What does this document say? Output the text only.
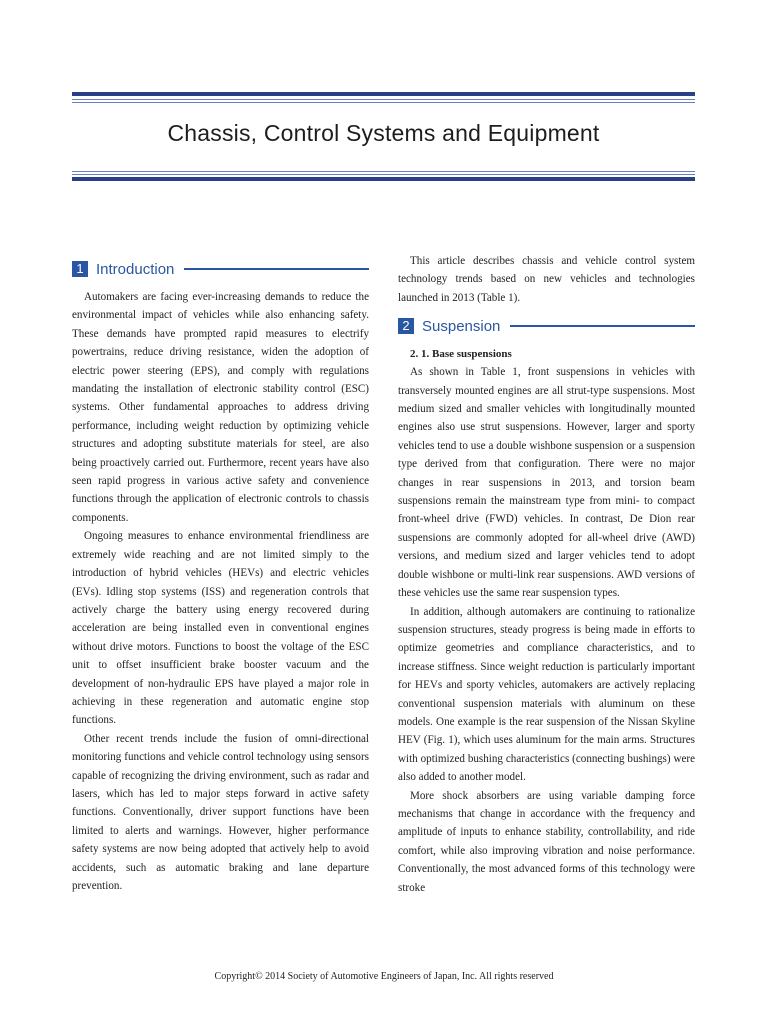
Chassis, Control Systems and Equipment
1 Introduction

Automakers are facing ever-increasing demands to reduce the environmental impact of vehicles while also enhancing safety. These demands have prompted rapid measures to electrify powertrains, reduce driving resistance, widen the adoption of electric power steering (EPS), and comply with regulations mandating the installation of electronic stability control (ESC) systems. Other fundamental approaches to address driving performance, including weight reduction by optimizing vehicle structures and adopting substitute materials for steel, are also being proactively carried out. Furthermore, recent years have also seen rapid progress in various active safety and convenience functions through the application of electronic controls to chassis components.

Ongoing measures to enhance environmental friendliness are extremely wide reaching and are not limited simply to the introduction of hybrid vehicles (HEVs) and electric vehicles (EVs). Idling stop systems (ISS) and regeneration controls that actively charge the battery using energy recovered during acceleration are being installed even in conventional engines without drive motors. Functions to boost the voltage of the ESC unit to offset insufficient brake booster vacuum and the development of non-hydraulic EPS have played a major role in achieving in these regeneration and automatic engine stop functions.

Other recent trends include the fusion of omni-directional monitoring functions and vehicle control technology using sensors capable of recognizing the driving environment, such as radar and lasers, which has led to major steps forward in active safety functions. Conventionally, driver support functions have been limited to alerts and warnings. However, higher performance safety systems are now being adopted that actively help to avoid accidents, such as automatic braking and lane departure prevention.

This article describes chassis and vehicle control system technology trends based on new vehicles and technologies launched in 2013 (Table 1).

2 Suspension
2. 1. Base suspensions

As shown in Table 1, front suspensions in vehicles with transversely mounted engines are all strut-type suspensions. Most medium sized and smaller vehicles with longitudinally mounted engines also use strut suspensions. However, larger and sporty vehicles tend to use a double wishbone suspension or a suspension type derived from that configuration. There were no major changes in rear suspensions in 2013, and torsion beam suspensions remain the mainstream type from mini- to compact front-wheel drive (FWD) vehicles. In contrast, De Dion rear suspensions are commonly adopted for all-wheel drive (AWD) versions, and medium sized and larger vehicles tend to adopt double wishbone or multi-link rear suspensions. AWD versions of these vehicles use the same rear suspension types.

In addition, although automakers are continuing to rationalize suspension structures, steady progress is being made in efforts to optimize geometries and compliance characteristics, and to increase stiffness. Since weight reduction is particularly important for HEVs and sporty vehicles, automakers are actively replacing conventional suspension materials with aluminum on these models. One example is the rear suspension of the Nissan Skyline HEV (Fig. 1), which uses aluminum for the main arms. Structures with optimized bushing characteristics (connecting bushings) were also added to another model.

More shock absorbers are using variable damping force mechanisms that change in accordance with the frequency and amplitude of inputs to enhance stability, controllability, and ride comfort, while also improving vibration and noise performance. Conventionally, the most advanced forms of this technology were stroke

Copyright© 2014 Society of Automotive Engineers of Japan, Inc. All rights reserved
